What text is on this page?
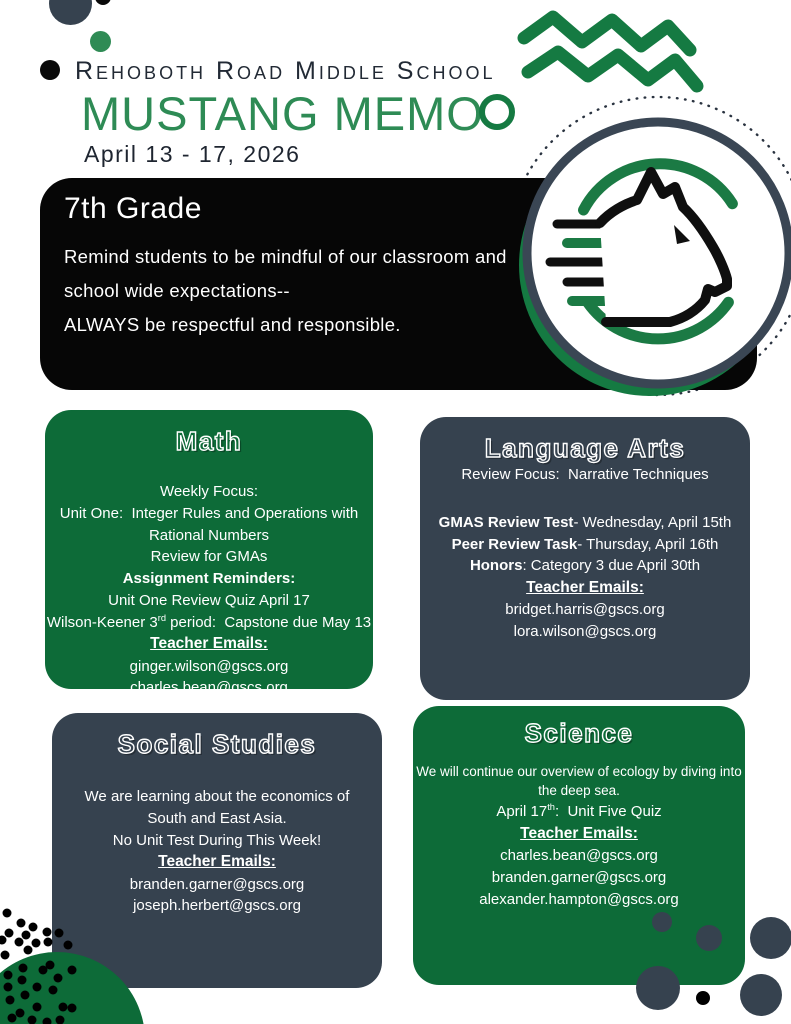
Rehoboth Road Middle School
MUSTANG MEMO
April 13 - 17, 2026
7th Grade
Remind students to be mindful of our classroom and
school wide expectations--
ALWAYS be respectful and responsible.
Math

Weekly Focus:

Unit One:  Integer Rules and Operations with

Rational Numbers

Review for GMAs

Assignment Reminders:

Unit One Review Quiz April 17

Wilson-Keener 3rd period:  Capstone due May 13

Teacher Emails:

ginger.wilson@gscs.org

charles.bean@gscs.org

Language Arts

Review Focus:  Narrative Techniques

GMAS Review Test- Wednesday, April 15th

Peer Review Task- Thursday, April 16th

Honors: Category 3 due April 30th

Teacher Emails:

bridget.harris@gscs.org

lora.wilson@gscs.org

Social Studies

We are learning about the economics of

South and East Asia.

No Unit Test During This Week!

Teacher Emails:

branden.garner@gscs.org

joseph.herbert@gscs.org

Science

We will continue our overview of ecology by diving into

the deep sea.

April 17th:  Unit Five Quiz

Teacher Emails:

charles.bean@gscs.org

branden.garner@gscs.org

alexander.hampton@gscs.org
